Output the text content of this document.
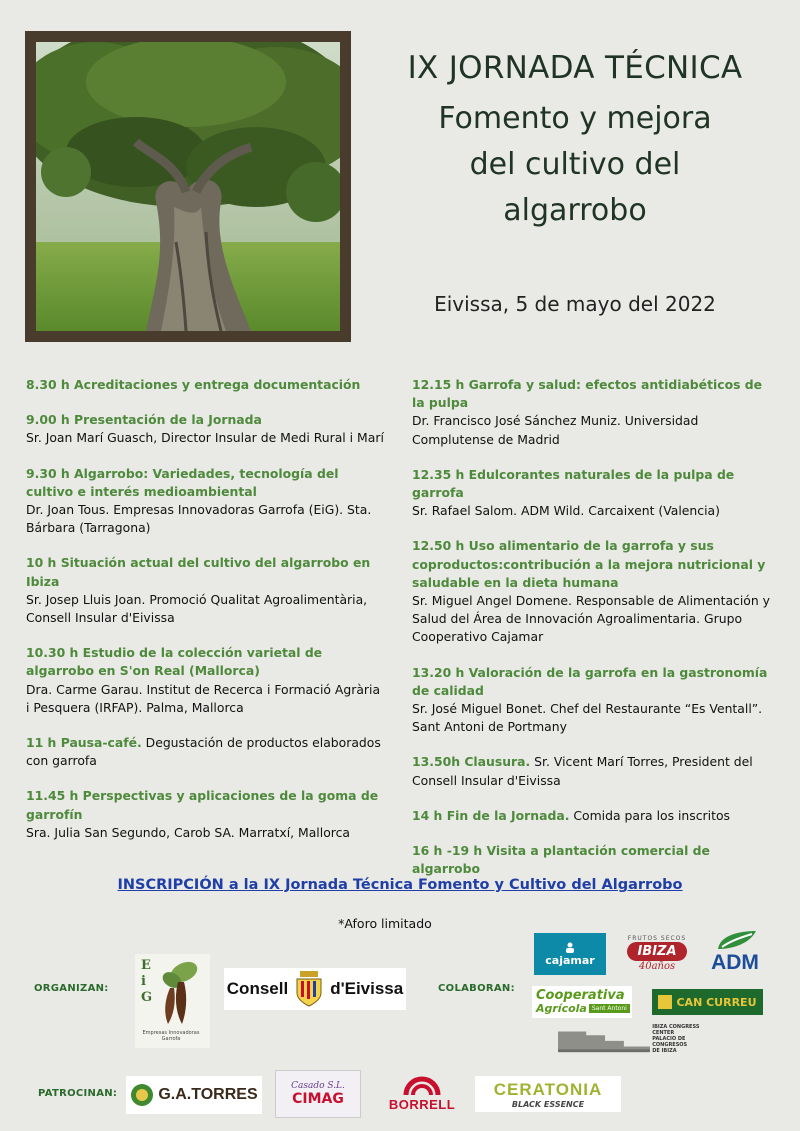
IX JORNADA TÉCNICA
Fomento y mejora
del cultivo del
algarrobo
Eivissa, 5 de mayo del 2022
8.30 h Acreditaciones y entrega documentación
9.00 h Presentación de la Jornada
Sr. Joan Marí Guasch, Director Insular de Medi Rural i Marí
9.30 h Algarrobo: Variedades, tecnología del cultivo e interés medioambiental
Dr. Joan Tous. Empresas Innovadoras Garrofa (EiG). Sta. Bárbara (Tarragona)
10 h Situación actual del cultivo del algarrobo en Ibiza
Sr. Josep Lluis Joan. Promoció Qualitat Agroalimentària, Consell Insular d'Eivissa
10.30 h Estudio de la colección varietal de algarrobo en S'on Real (Mallorca)
Dra. Carme Garau. Institut de Recerca i Formació Agrària i Pesquera (IRFAP). Palma, Mallorca
11 h Pausa-café. Degustación de productos elaborados con garrofa
11.45 h Perspectivas y aplicaciones de la goma de garrofín
Sra. Julia San Segundo, Carob SA. Marratxí, Mallorca
12.15 h Garrofa y salud: efectos antidiabéticos de la pulpa
Dr. Francisco José Sánchez Muniz. Universidad Complutense de Madrid
12.35 h Edulcorantes naturales de la pulpa de garrofa
Sr. Rafael Salom. ADM Wild. Carcaixent (Valencia)
12.50 h Uso alimentario de la garrofa y sus coproductos:contribución a la mejora nutricional y saludable en la dieta humana
Sr. Miguel Angel Domene. Responsable de Alimentación y Salud del Área de Innovación Agroalimentaria. Grupo Cooperativo Cajamar
13.20 h Valoración de la garrofa en la gastronomía de calidad
Sr. José Miguel Bonet. Chef del Restaurante “Es Ventall”. Sant Antoni de Portmany
13.50h Clausura. Sr. Vicent Marí Torres, President del Consell Insular d'Eivissa
14 h Fin de la Jornada. Comida para los inscritos
16 h -19 h Visita a plantación comercial de algarrobo
INSCRIPCIÓN a la IX Jornada Técnica Fomento y Cultivo del Algarrobo
*Aforo limitado
ORGANIZAN:	COLABORAN:
PATROCINAN:
E
i
G
Empresas Innovadoras Garrofa
Consell d'Eivissa
cajamar
FRUTOS SECOS
IBIZA
40años ADM
Cooperativa
Agrícola Sant Antoni	CAN CURREU
IBIZA CONGRESS
CENTER
PALACIO DE CONGRESOS
DE IBIZA
G.A.TORRES	Casado S.L.
CIMAG	BORRELL
CERATONIA
BLACK ESSENCE
